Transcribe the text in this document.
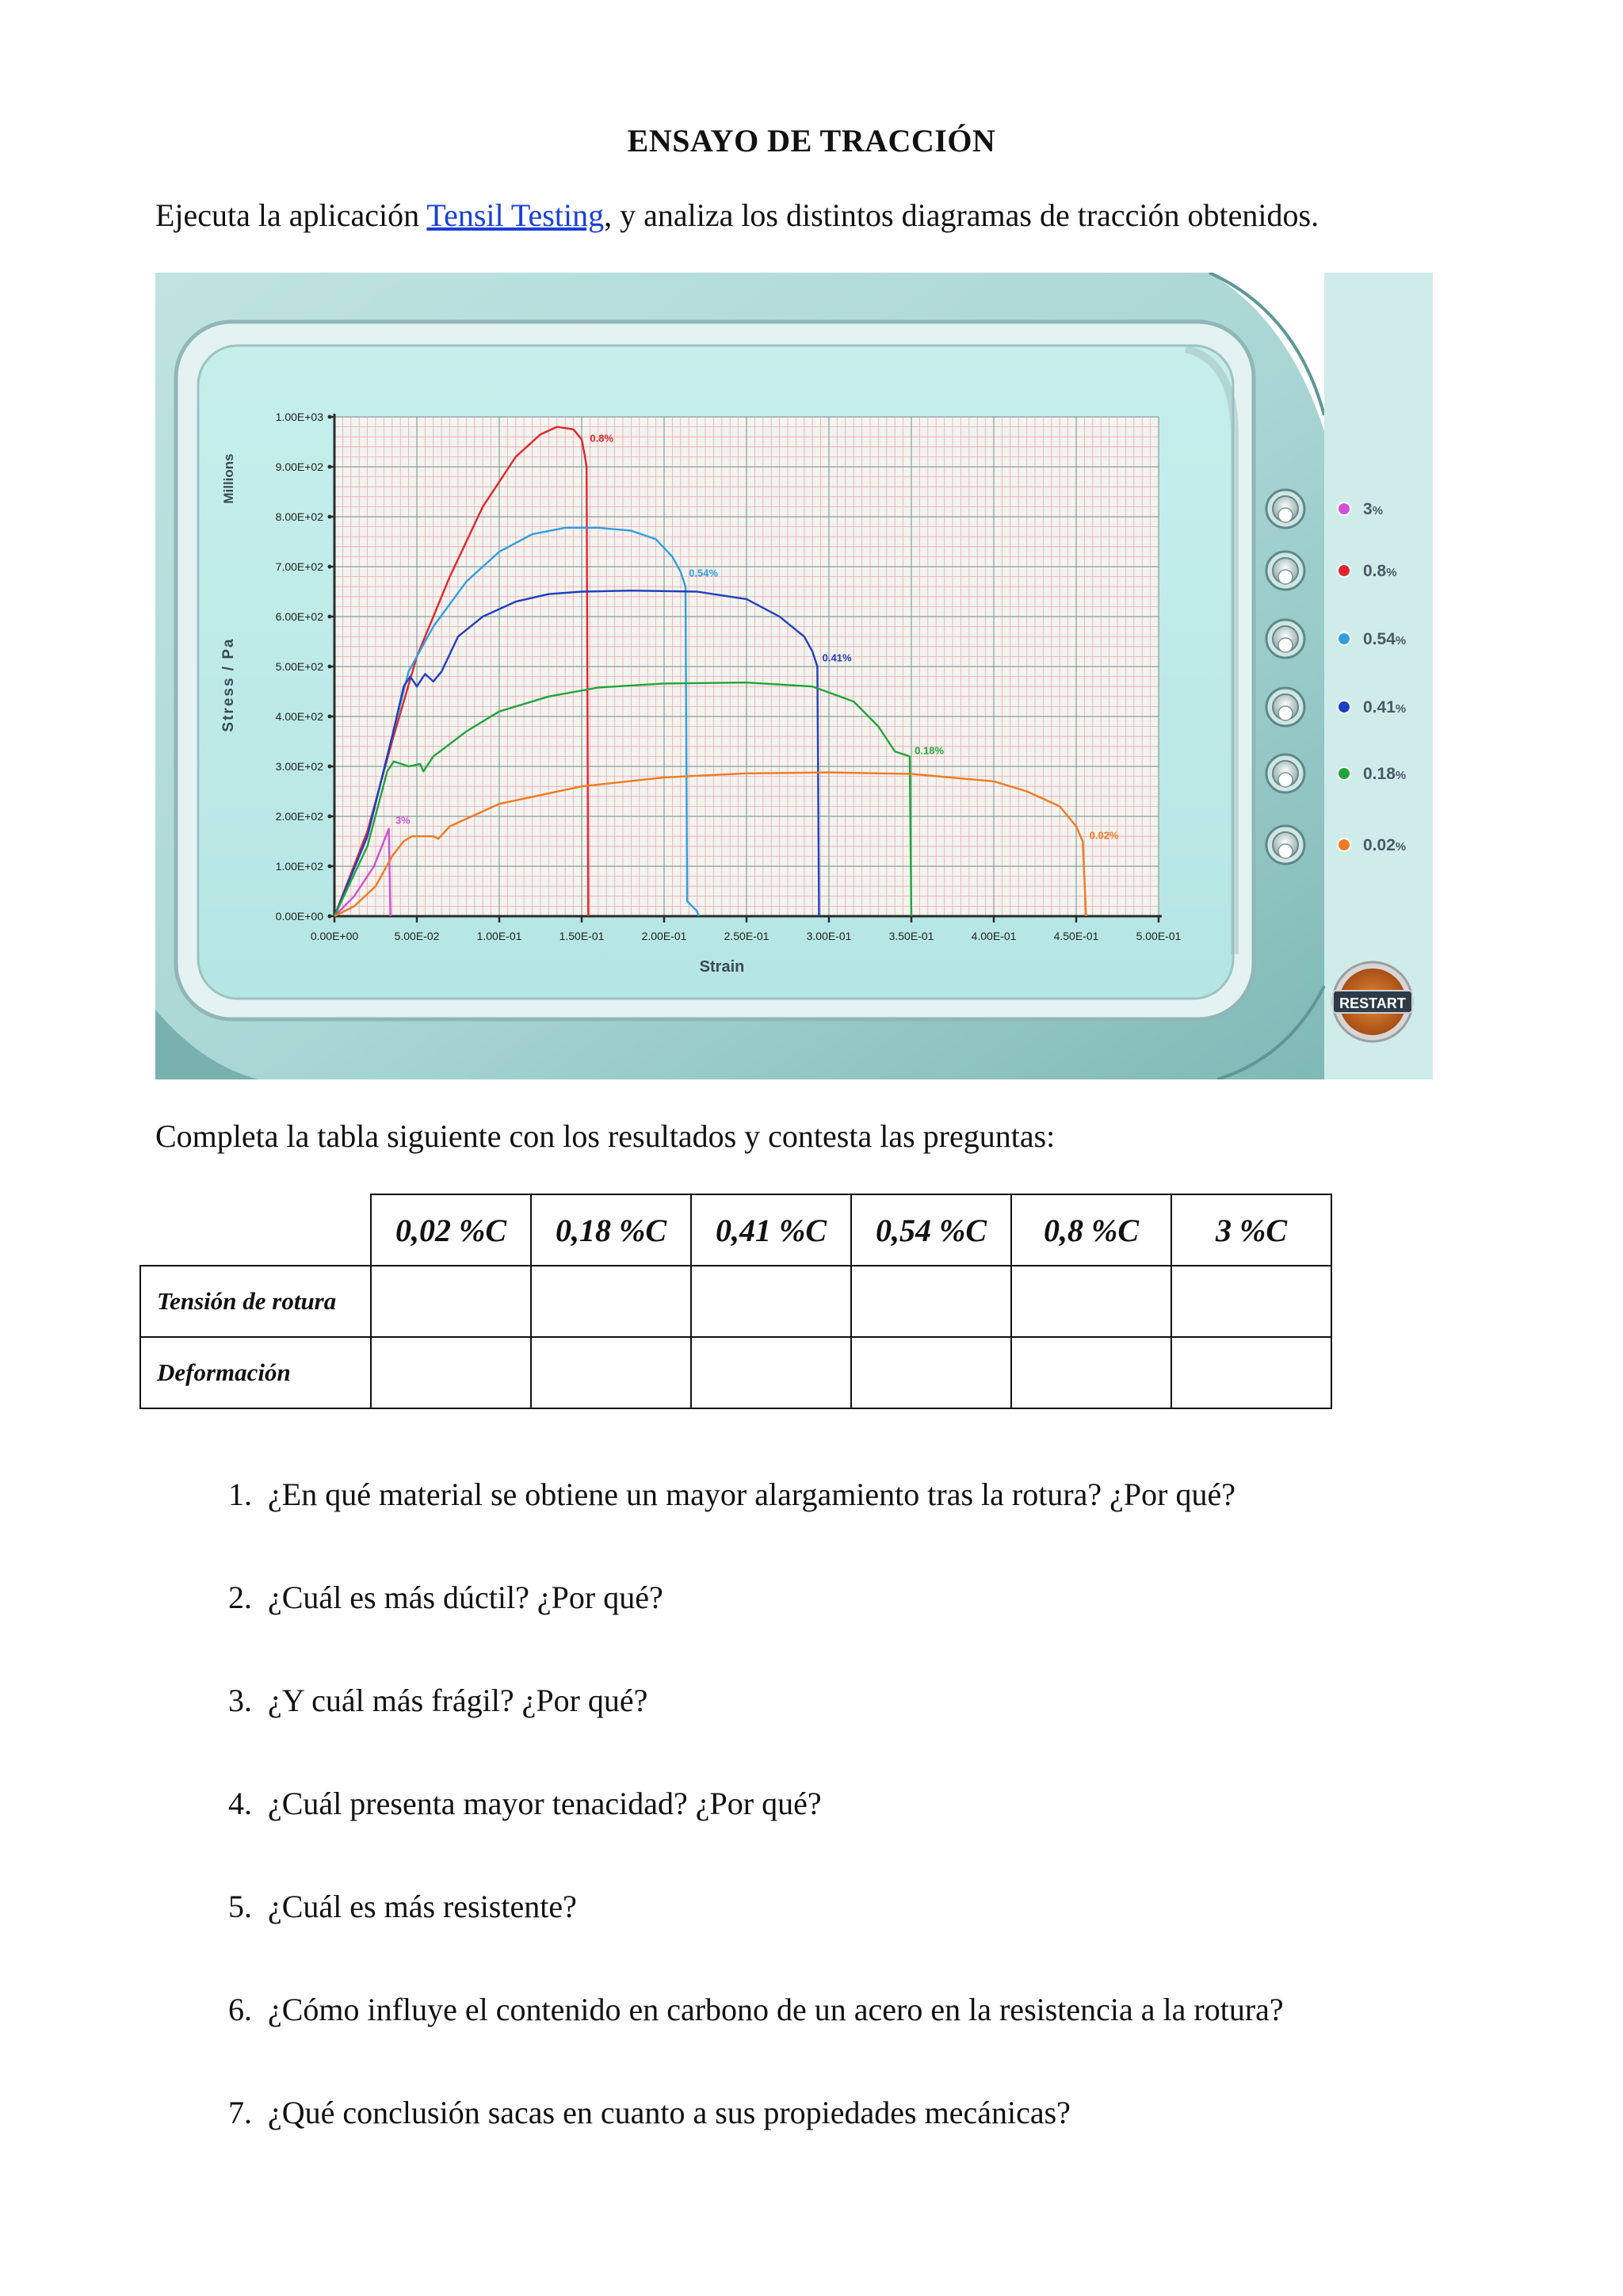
ENSAYO DE TRACCIÓN
Ejecuta la aplicación Tensil Testing, y analiza los distintos diagramas de tracción obtenidos.
Millions
Stress / Pa
0.00E+00
1.00E+02
2.00E+02
3.00E+02
4.00E+02
5.00E+02
6.00E+02
7.00E+02
8.00E+02
9.00E+02
1.00E+03
0.00E+00	5.00E-02	1.00E-01	1.50E-01	2.00E-01	2.50E-01	3.00E-01	3.50E-01	4.00E-01	4.50E-01	5.00E-01
3%
0.8%
0.54%
0.41%
0.18%
0.02%
Strain
3%
0.8%
0.54%
0.41%
0.18%
0.02%
RESTART
Completa la tabla siguiente con los resultados y contesta las preguntas:
	0,02 %C	0,18 %C	0,41 %C	0,54 %C	0,8 %C	3 %C
Tensión de rotura						
Deformación						
1. ¿En qué material se obtiene un mayor alargamiento tras la rotura? ¿Por qué?
2. ¿Cuál es más dúctil? ¿Por qué?
3. ¿Y cuál más frágil? ¿Por qué?
4. ¿Cuál presenta mayor tenacidad? ¿Por qué?
5. ¿Cuál es más resistente?
6. ¿Cómo influye el contenido en carbono de un acero en la resistencia a la rotura?
7. ¿Qué conclusión sacas en cuanto a sus propiedades mecánicas?
